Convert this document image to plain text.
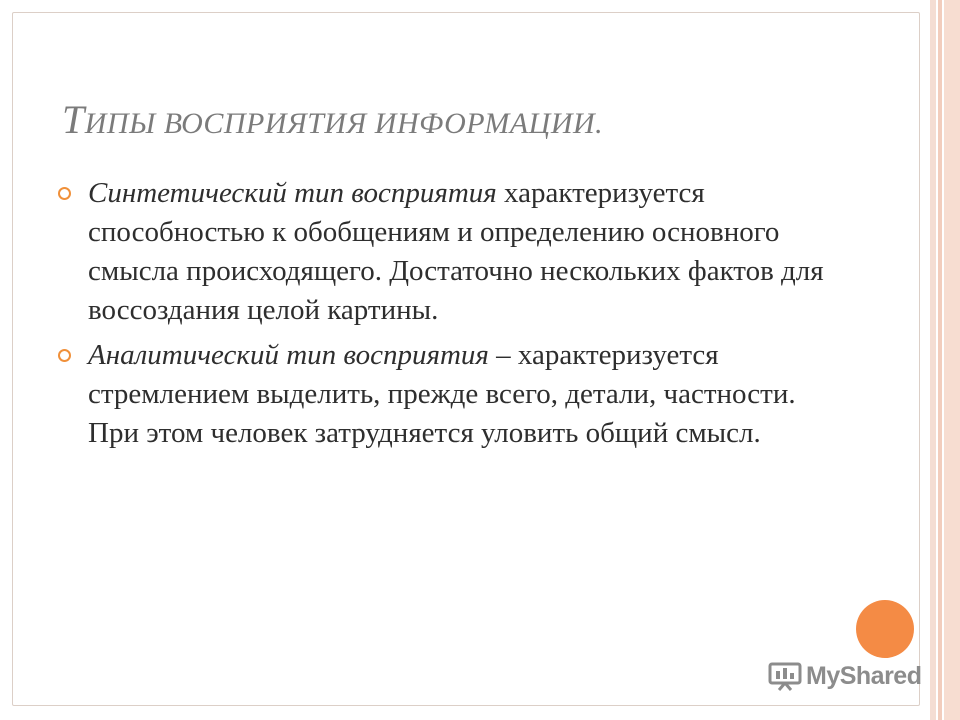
ТИПЫ ВОСПРИЯТИЯ ИНФОРМАЦИИ.
Синтетический тип восприятия характеризуется способностью к обобщениям и определению основного смысла происходящего. Достаточно нескольких фактов для воссоздания целой картины.
Аналитический тип восприятия – характеризуется стремлением выделить, прежде всего, детали, частности. При этом человек затрудняется уловить общий смысл.
MyShared
